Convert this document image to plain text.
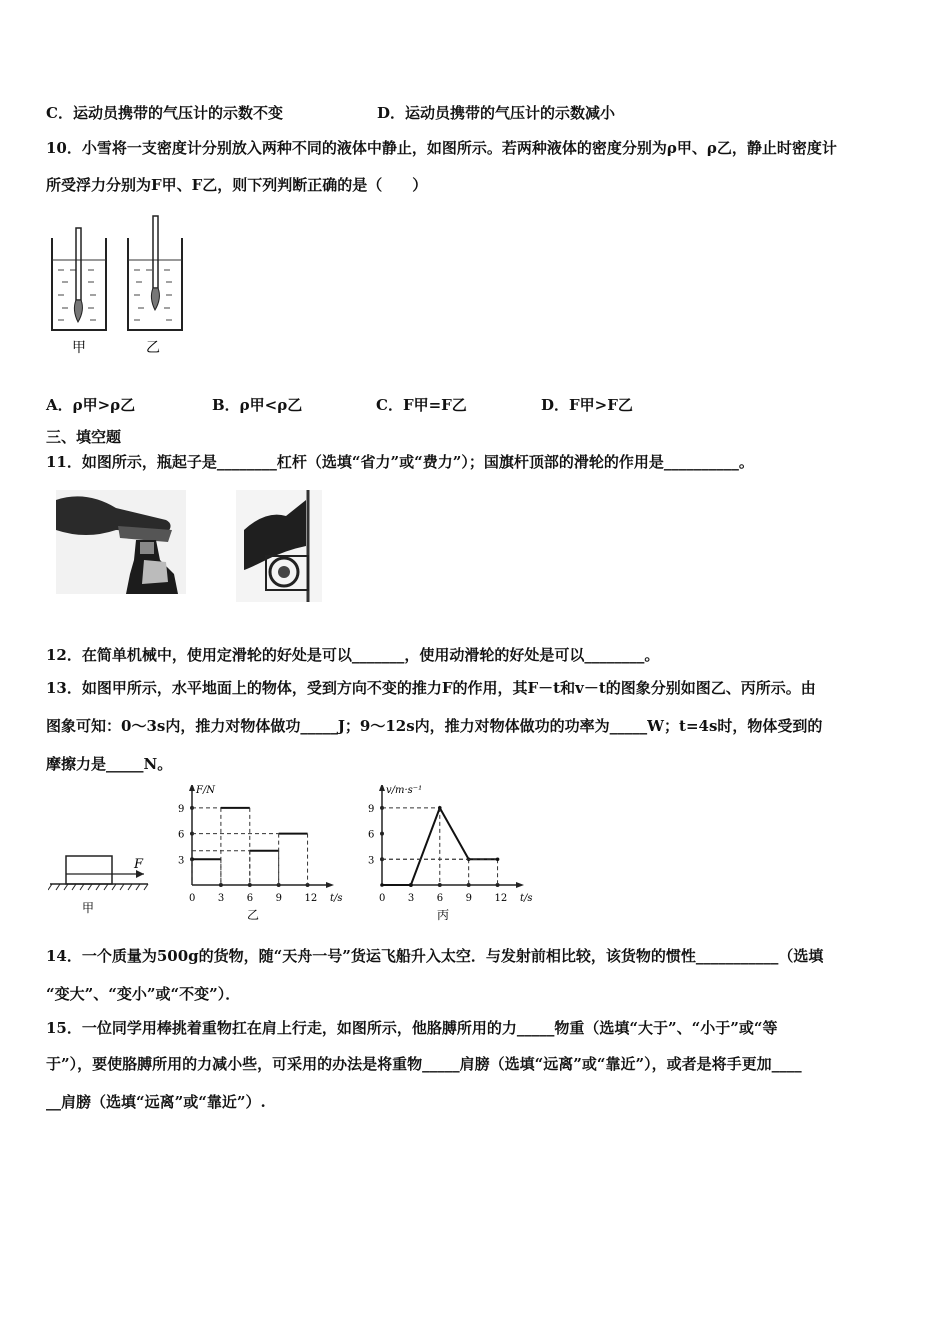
C．运动员携带的气压计的示数不变	D．运动员携带的气压计的示数减小
10．小雪将一支密度计分别放入两种不同的液体中静止，如图所示。若两种液体的密度分别为ρ甲、ρ乙，静止时密度计
所受浮力分别为F甲、F乙，则下列判断正确的是（　　）
甲	乙
A．ρ甲>ρ乙	B．ρ甲<ρ乙	C．F甲=F乙	D．F甲>F乙
三、填空题
11．如图所示，瓶起子是________杠杆（选填“省力”或“费力”）；国旗杆顶部的滑轮的作用是__________。
12．在简单机械中，使用定滑轮的好处是可以_______，使用动滑轮的好处是可以________。
13．如图甲所示，水平地面上的物体，受到方向不变的推力F的作用，其F－t和v－t的图象分别如图乙、丙所示。由
图象可知：0～3s内，推力对物体做功_____J；9～12s内，推力对物体做功的功率为_____W；t=4s时，物体受到的
摩擦力是_____N。
F
甲
F/N
t/s
0 3 6 9 12
3
6
9
乙
v/m·s⁻¹
t/s
0 3 6 9 12
3
6
9
丙
14．一个质量为500g的货物，随“天舟一号”货运飞船升入太空．与发射前相比较，该货物的惯性___________（选填
“变大”、“变小”或“不变”）．
15．一位同学用棒挑着重物扛在肩上行走，如图所示，他胳膊所用的力_____物重（选填“大于”、“小于”或“等
于”），要使胳膊所用的力减小些，可采用的办法是将重物_____肩膀（选填“远离”或“靠近”），或者是将手更加____
__肩膀（选填“远离”或“靠近”）.
